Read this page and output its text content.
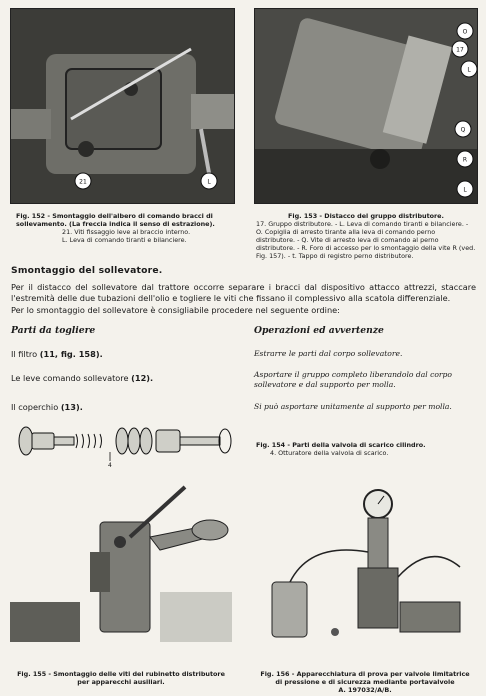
21	L
17
O
L
Q
R
L
Fig. 152 - Smontaggio dell'albero di comando bracci di sollevamento. (La freccia indica il senso di estrazione).
21. Viti fissaggio leve al braccio interno.
L. Leva di comando tiranti e bilanciere.
Fig. 153 - Distacco del gruppo distributore.
17. Gruppo distributore. - L. Leva di comando tiranti e bilanciere. - O. Copiglia di arresto tirante alla leva di comando perno distributore. - Q. Vite di arresto leva di comando al perno distributore. - R. Foro di accesso per lo smontaggio della vite R (ved. Fig. 157). - t. Tappo di registro perno distributore.
Smontaggio del sollevatore.
Per il distacco del sollevatore dal trattore occorre separare i bracci dal dispositivo attacco attrezzi, staccare l'estremità delle due tubazioni dell'olio e togliere le viti che fissano il complessivo alla scatola differenziale.
Per lo smontaggio del sollevatore è consigliabile procedere nel seguente ordine:
Parti da togliere	Operazioni ed avvertenze
Il filtro (11, fig. 158).	Estrarre le parti dal corpo sollevatore.
Le leve comando sollevatore (12).	Asportare il gruppo completo liberandolo dal corpo sollevatore e dal supporto per molla.
Il coperchio (13).	Si può asportare unitamente al supporto per molla.
4
Fig. 154 - Parti della valvola di scarico cilindro.
4. Otturatore della valvola di scarico.
Fig. 155 - Smontaggio delle viti del rubinetto distributore
per apparecchi ausiliari.
Fig. 156 - Apparecchiatura di prova per valvole limitatrice
di pressione e di sicurezza mediante portavalvole
A. 197032/A/B.
